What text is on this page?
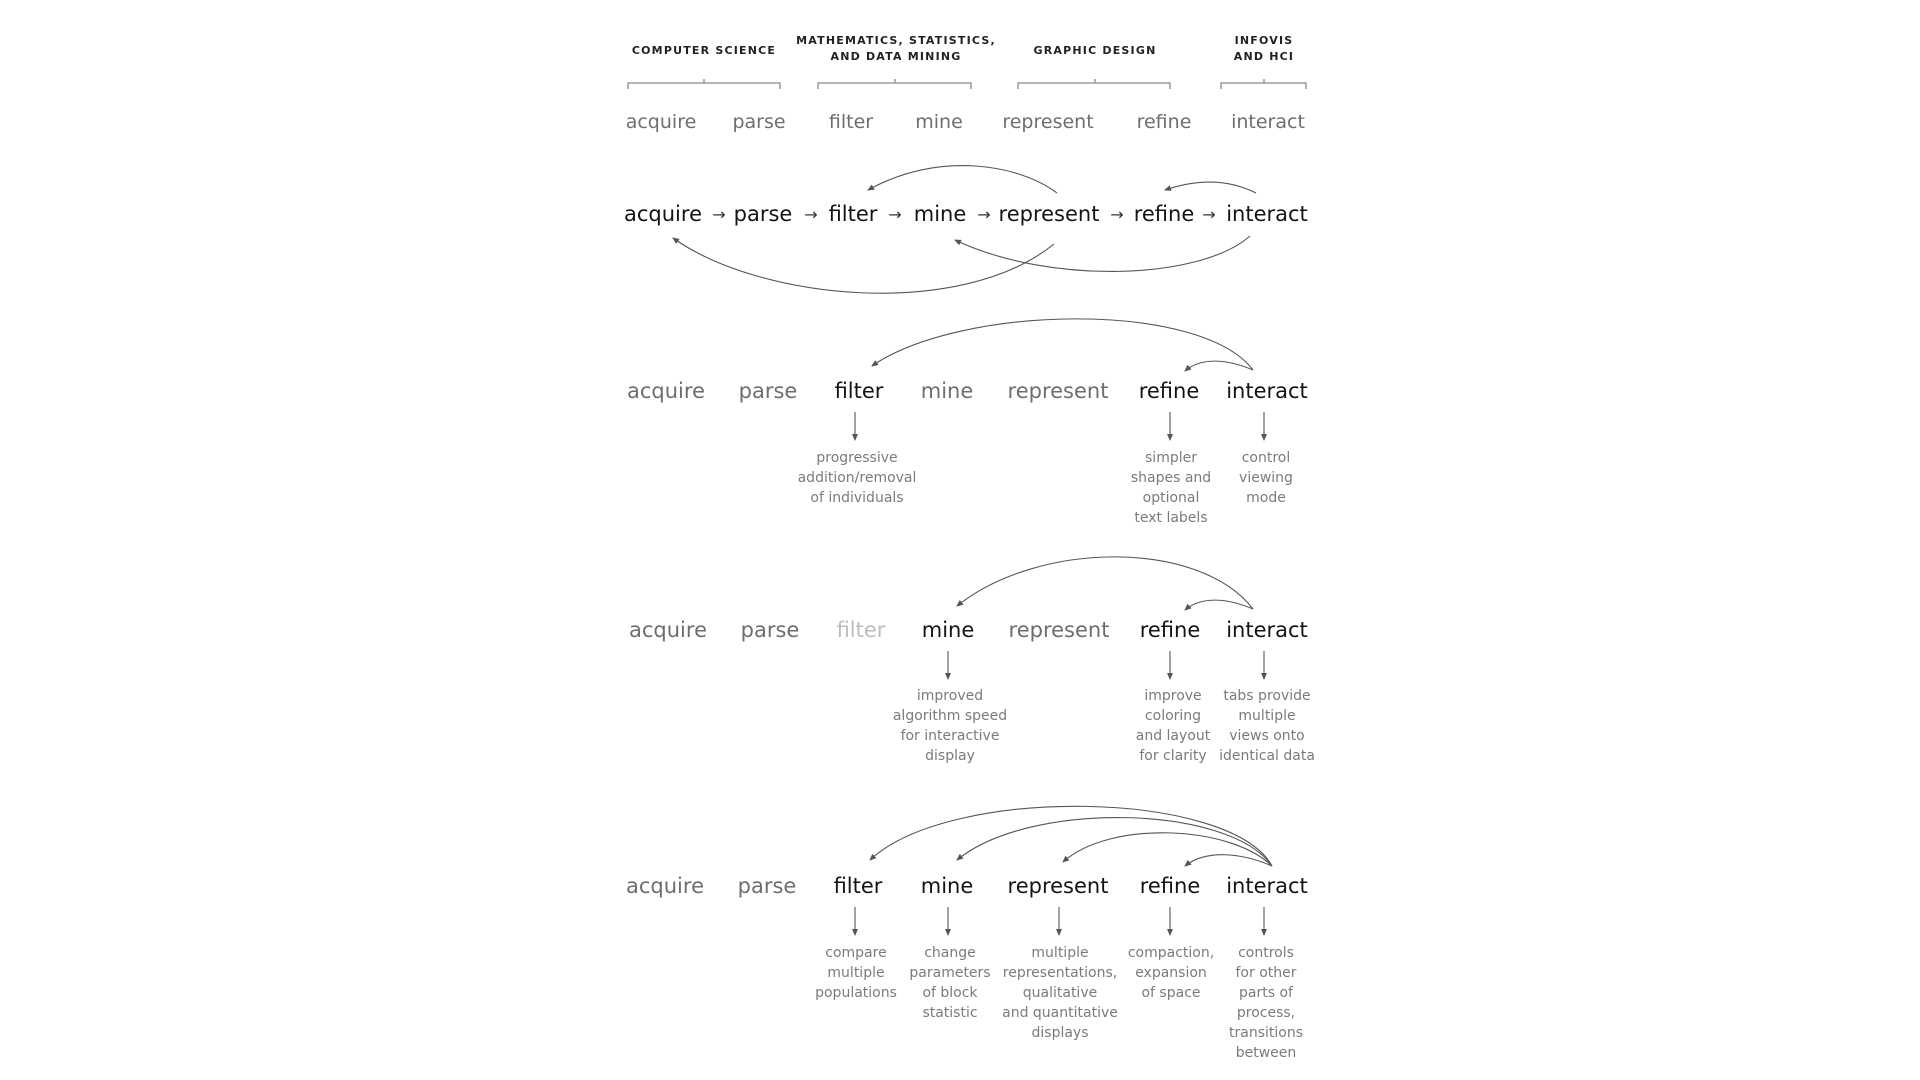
COMPUTER SCIENCE
MATHEMATICS, STATISTICS,
AND DATA MINING	GRAPHIC DESIGN
INFOVIS
AND HCI
acquire parse filter mine represent refine interact
acquire → parse → filter → mine → represent → refine → interact
acquire parse filter mine represent refine interact
progressive
addition/removal
of individuals
simpler
shapes and
optional
text labels
control
viewing
mode
acquire parse filter mine represent refine interact
improved
algorithm speed
for interactive
display
improve
coloring
and layout
for clarity
tabs provide
multiple
views onto
identical data
acquire parse filter mine represent refine interact
compare
multiple
populations
change
parameters
of block
statistic
multiple
representations,
qualitative
and quantitative
displays
compaction,
expansion
of space
controls
for other
parts of
process,
transitions
between
